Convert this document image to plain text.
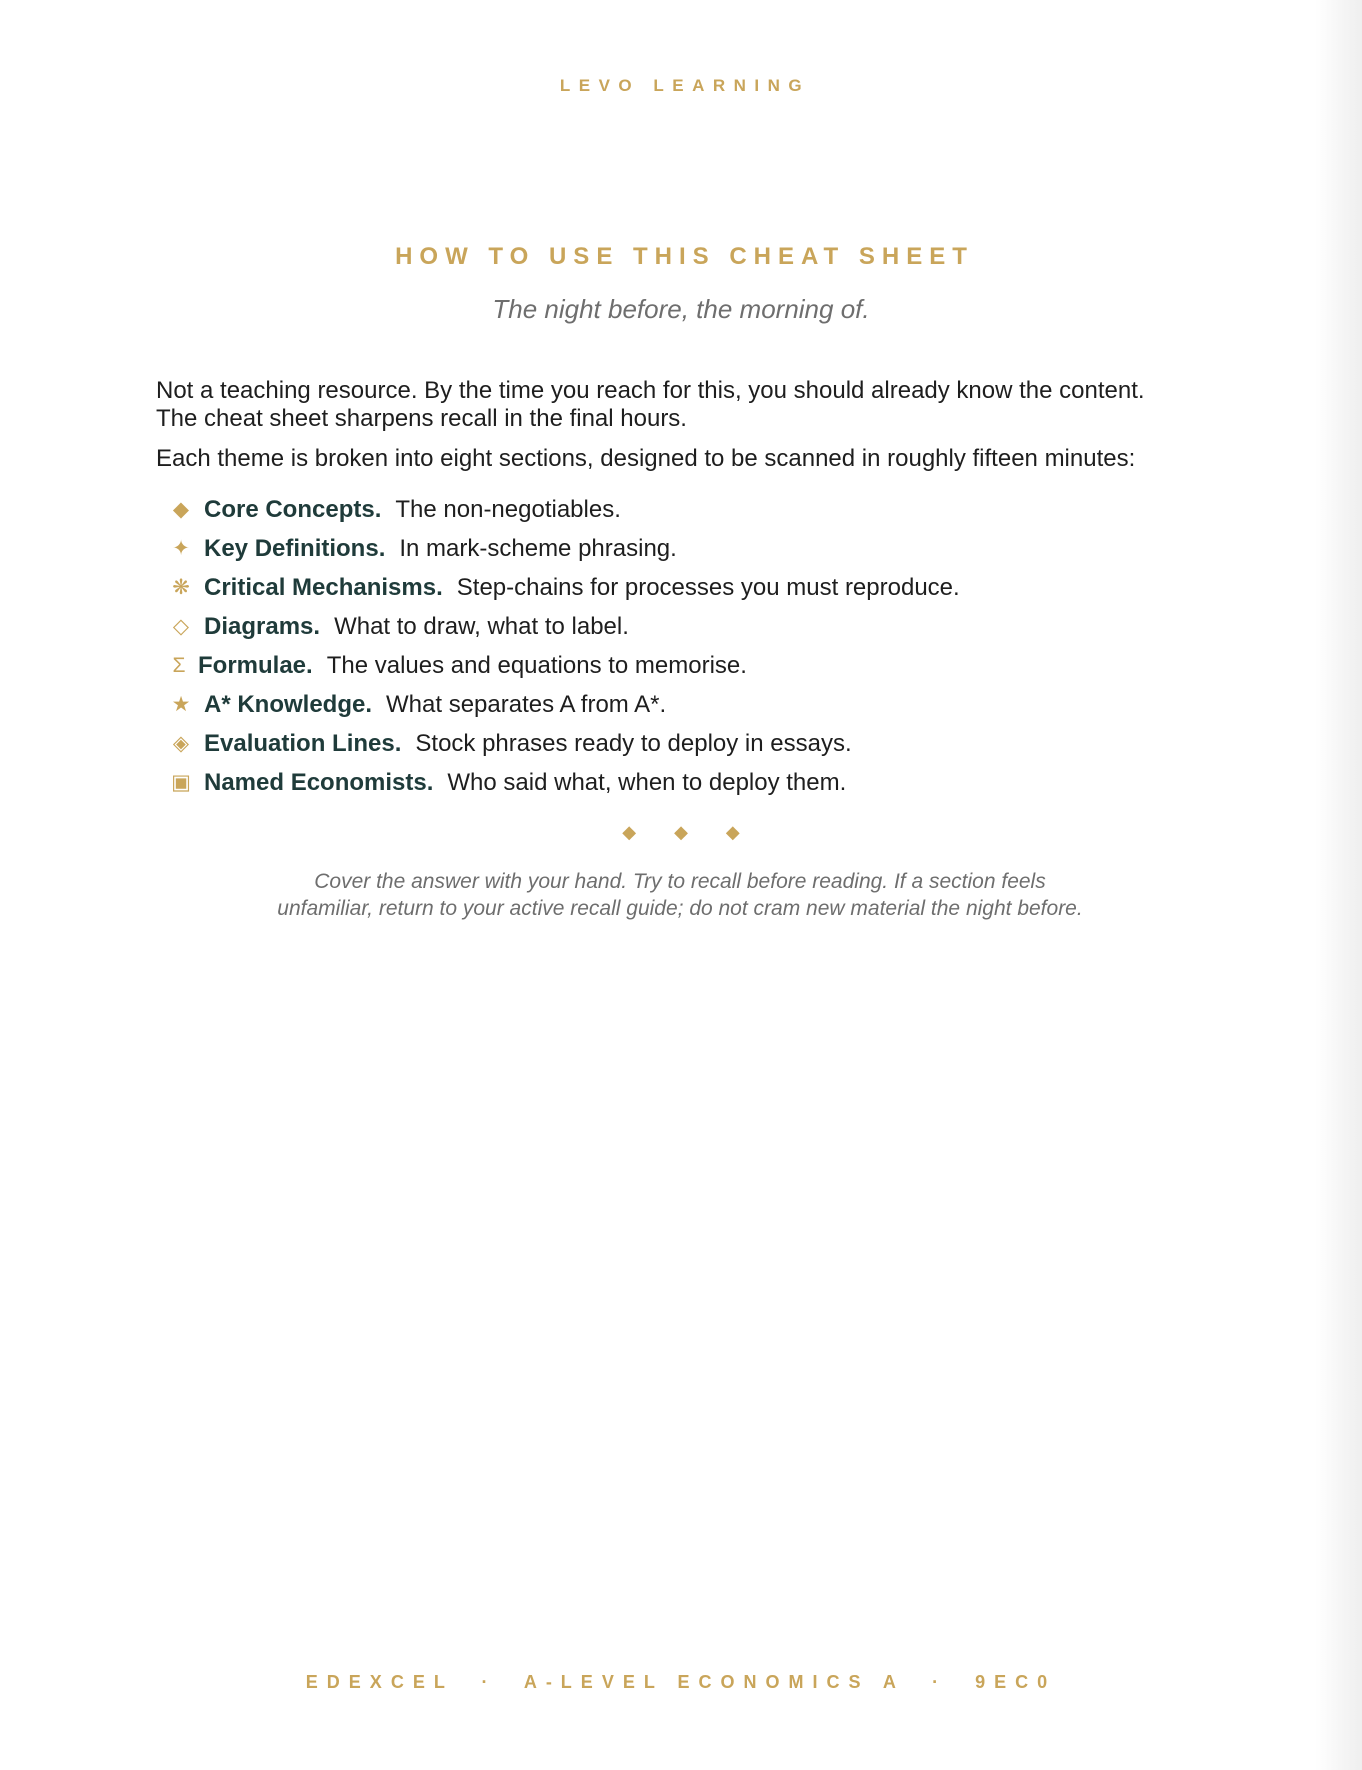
LEVO LEARNING
HOW TO USE THIS CHEAT SHEET
The night before, the morning of.

Not a teaching resource. By the time you reach for this, you should already know the content.
The cheat sheet sharpens recall in the final hours.

Each theme is broken into eight sections, designed to be scanned in roughly fifteen minutes:

◆ Core Concepts. The non-negotiables.
✦ Key Definitions. In mark-scheme phrasing.
❋ Critical Mechanisms. Step-chains for processes you must reproduce.
◇ Diagrams. What to draw, what to label.
Σ Formulae. The values and equations to memorise.
★ A* Knowledge. What separates A from A*.
◈ Evaluation Lines. Stock phrases ready to deploy in essays.
▣ Named Economists. Who said what, when to deploy them.
◆ ◆ ◆

Cover the answer with your hand. Try to recall before reading. If a section feels
unfamiliar, return to your active recall guide; do not cram new material the night before.

EDEXCEL  ·  A-LEVEL ECONOMICS A  ·  9EC0
